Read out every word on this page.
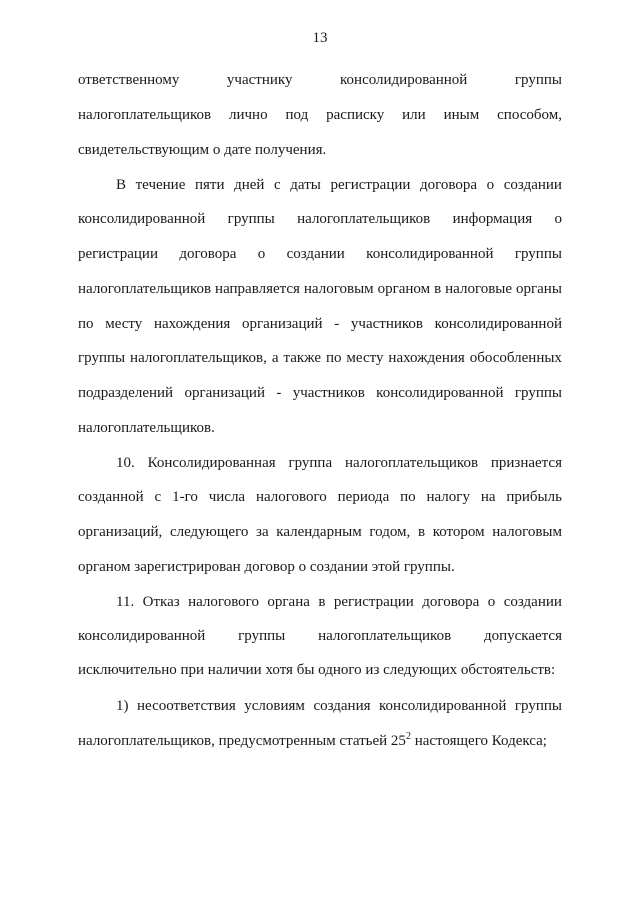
13
ответственному	участнику	консолидированной	группы
налогоплательщиков лично под расписку или иным способом,
свидетельствующим о дате получения.
В течение пяти дней с даты регистрации договора о создании
консолидированной группы налогоплательщиков информация о
регистрации договора о создании консолидированной группы
налогоплательщиков направляется налоговым органом в налоговые органы
по месту нахождения организаций - участников консолидированной
группы налогоплательщиков, а также по месту нахождения обособленных
подразделений организаций - участников консолидированной группы
налогоплательщиков.
10. Консолидированная группа налогоплательщиков признается
созданной с 1-го числа налогового периода по налогу на прибыль
организаций, следующего за календарным годом, в котором налоговым
органом зарегистрирован договор о создании этой группы.
11. Отказ налогового органа в регистрации договора о создании
консолидированной группы налогоплательщиков допускается
исключительно при наличии хотя бы одного из следующих обстоятельств:
1) несоответствия условиям создания консолидированной группы
налогоплательщиков, предусмотренным статьей $25^2$ настоящего Кодекса;
